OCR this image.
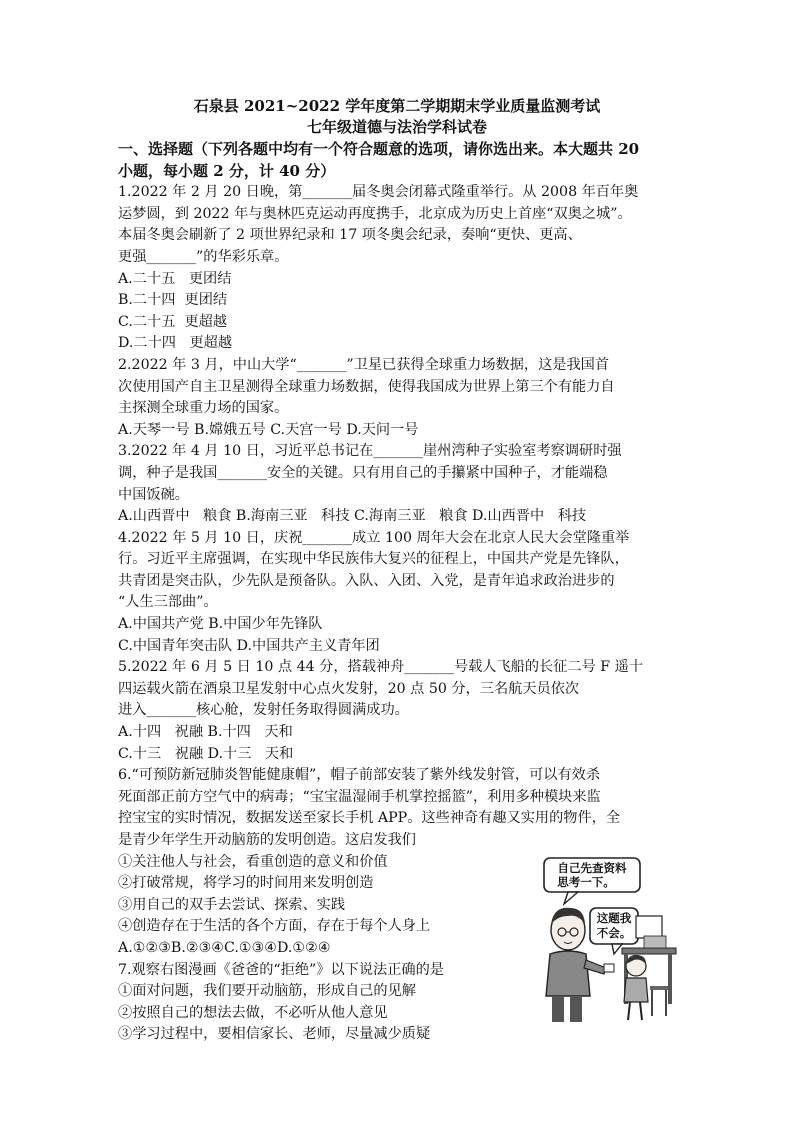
石泉县 2021~2022 学年度第二学期期末学业质量监测考试
七年级道德与法治学科试卷

一、选择题（下列各题中均有一个符合题意的选项，请你选出来。本大题共 20

小题，每小题 2 分，计 40 分）

1.2022 年 2 月 20 日晚，第_______届冬奥会闭幕式隆重举行。从 2008 年百年奥

运梦圆，到 2022 年与奥林匹克运动再度携手，北京成为历史上首座“双奥之城”。

本届冬奥会刷新了 2 项世界纪录和 17 项冬奥会纪录，奏响“更快、更高、

更强_______”的华彩乐章。

A.二十五   更团结

B.二十四  更团结

C.二十五  更超越

D.二十四   更超越

2.2022 年 3 月，中山大学“_______”卫星已获得全球重力场数据，这是我国首

次使用国产自主卫星测得全球重力场数据，使得我国成为世界上第三个有能力自

主探测全球重力场的国家。

A.天琴一号 B.嫦娥五号 C.天宫一号 D.天问一号

3.2022 年 4 月 10 日，习近平总书记在_______崖州湾种子实验室考察调研时强

调，种子是我国_______安全的关键。只有用自己的手攥紧中国种子，才能端稳

中国饭碗。

A.山西晋中   粮食 B.海南三亚   科技 C.海南三亚   粮食 D.山西晋中   科技

4.2022 年 5 月 10 日，庆祝_______成立 100 周年大会在北京人民大会堂隆重举

行。习近平主席强调，在实现中华民族伟大复兴的征程上，中国共产党是先锋队，

共青团是突击队，少先队是预备队。入队、入团、入党，是青年追求政治进步的

“人生三部曲”。

A.中国共产党 B.中国少年先锋队

C.中国青年突击队 D.中国共产主义青年团

5.2022 年 6 月 5 日 10 点 44 分，搭载神舟_______号载人飞船的长征二号 F 遥十

四运载火箭在酒泉卫星发射中心点火发射，20 点 50 分，三名航天员依次

进入_______核心舱，发射任务取得圆满成功。

A.十四   祝融 B.十四   天和

C.十三   祝融 D.十三   天和

6.“可预防新冠肺炎智能健康帽”，帽子前部安装了紫外线发射管，可以有效杀

死面部正前方空气中的病毒；“宝宝温湿闹手机掌控摇篮”，利用多种模块来监

控宝宝的实时情况，数据发送至家长手机 APP。这些神奇有趣又实用的物件，全

是青少年学生开动脑筋的发明创造。这启发我们

①关注他人与社会，看重创造的意义和价值

②打破常规，将学习的时间用来发明创造

③用自己的双手去尝试、探索、实践

④创造存在于生活的各个方面，存在于每个人身上

A.①②③B.②③④C.①③④D.①②④

7.观察右图漫画《爸爸的“拒绝”》以下说法正确的是

①面对问题，我们要开动脑筋，形成自己的见解

②按照自己的想法去做，不必听从他人意见

③学习过程中，要相信家长、老师，尽量减少质疑

自己先查资料
思考一下。
这题我
不会。
